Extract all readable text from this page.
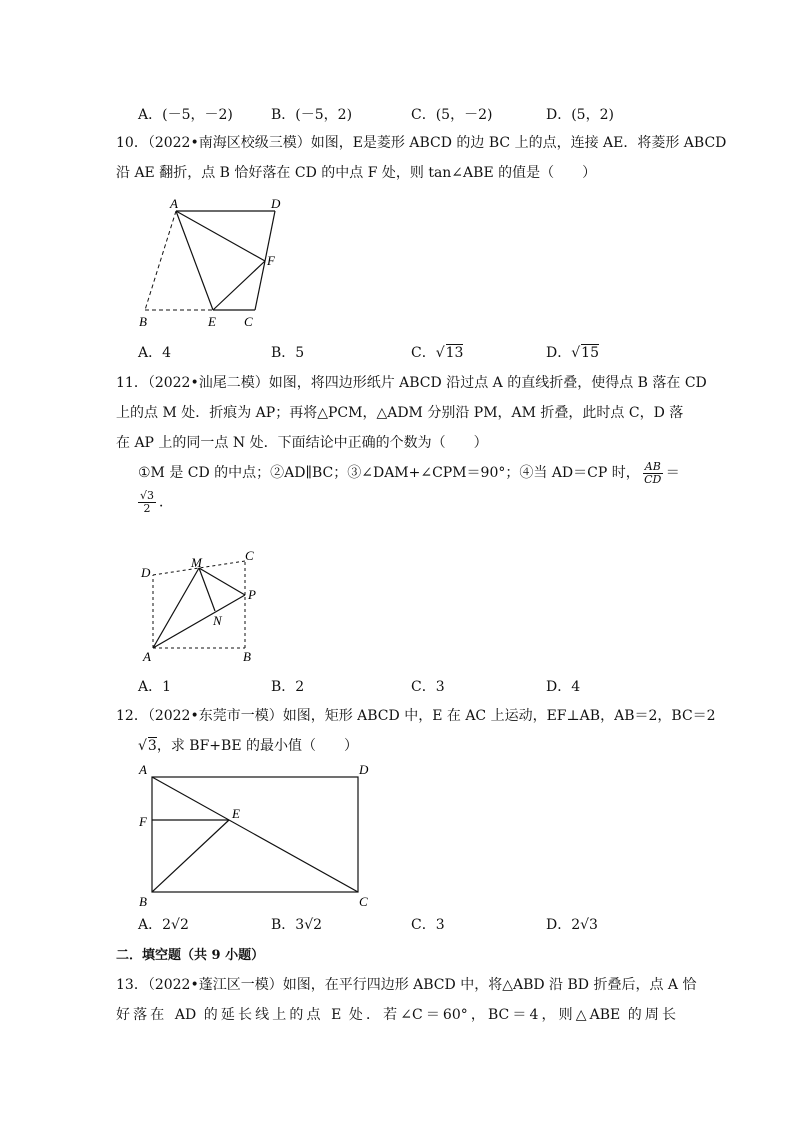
A．(－5，－2)	B．(－5，2)	C．(5，－2)	D．(5，2)
10．（2022•南海区校级三模）如图，E是菱形 ABCD 的边 BC 上的点，连接 AE．将菱形 ABCD
沿 AE 翻折，点 B 恰好落在 CD 的中点 F 处，则 tan∠ABE 的值是（　　）
A	D
F
B	E C
A．4	B．5	C．√13	D．√15
11．（2022•汕尾二模）如图，将四边形纸片 ABCD 沿过点 A 的直线折叠，使得点 B 落在 CD
上的点 M 处．折痕为 AP；再将△PCM，△ADM 分别沿 PM，AM 折叠，此时点 C，D 落
在 AP 上的同一点 N 处．下面结论中正确的个数为（　　）
①M 是 CD 的中点；②AD∥BC；③∠DAM+∠CPM＝90°；④当 AD＝CP 时， $\frac{AB}{CD}$ ＝
$\frac{√3}{2}$ ．
D
M	C
P
N
A	B
A．1	B．2	C．3	D．4
12．（2022•东莞市一模）如图，矩形 ABCD 中，E 在 AC 上运动，EF⊥AB，AB＝2，BC＝2
√3，求 BF+BE 的最小值（　　）
A	D
F
E
B	C
A．2√2	B．3√2	C．3	D．2√3
二．填空题（共 9 小题）
13．（2022•蓬江区一模）如图，在平行四边形 ABCD 中，将△ABD 沿 BD 折叠后，点 A 恰
好落在 AD 的延长线上的点 E 处．若∠C＝60°，BC＝4，则△ABE 的周长
